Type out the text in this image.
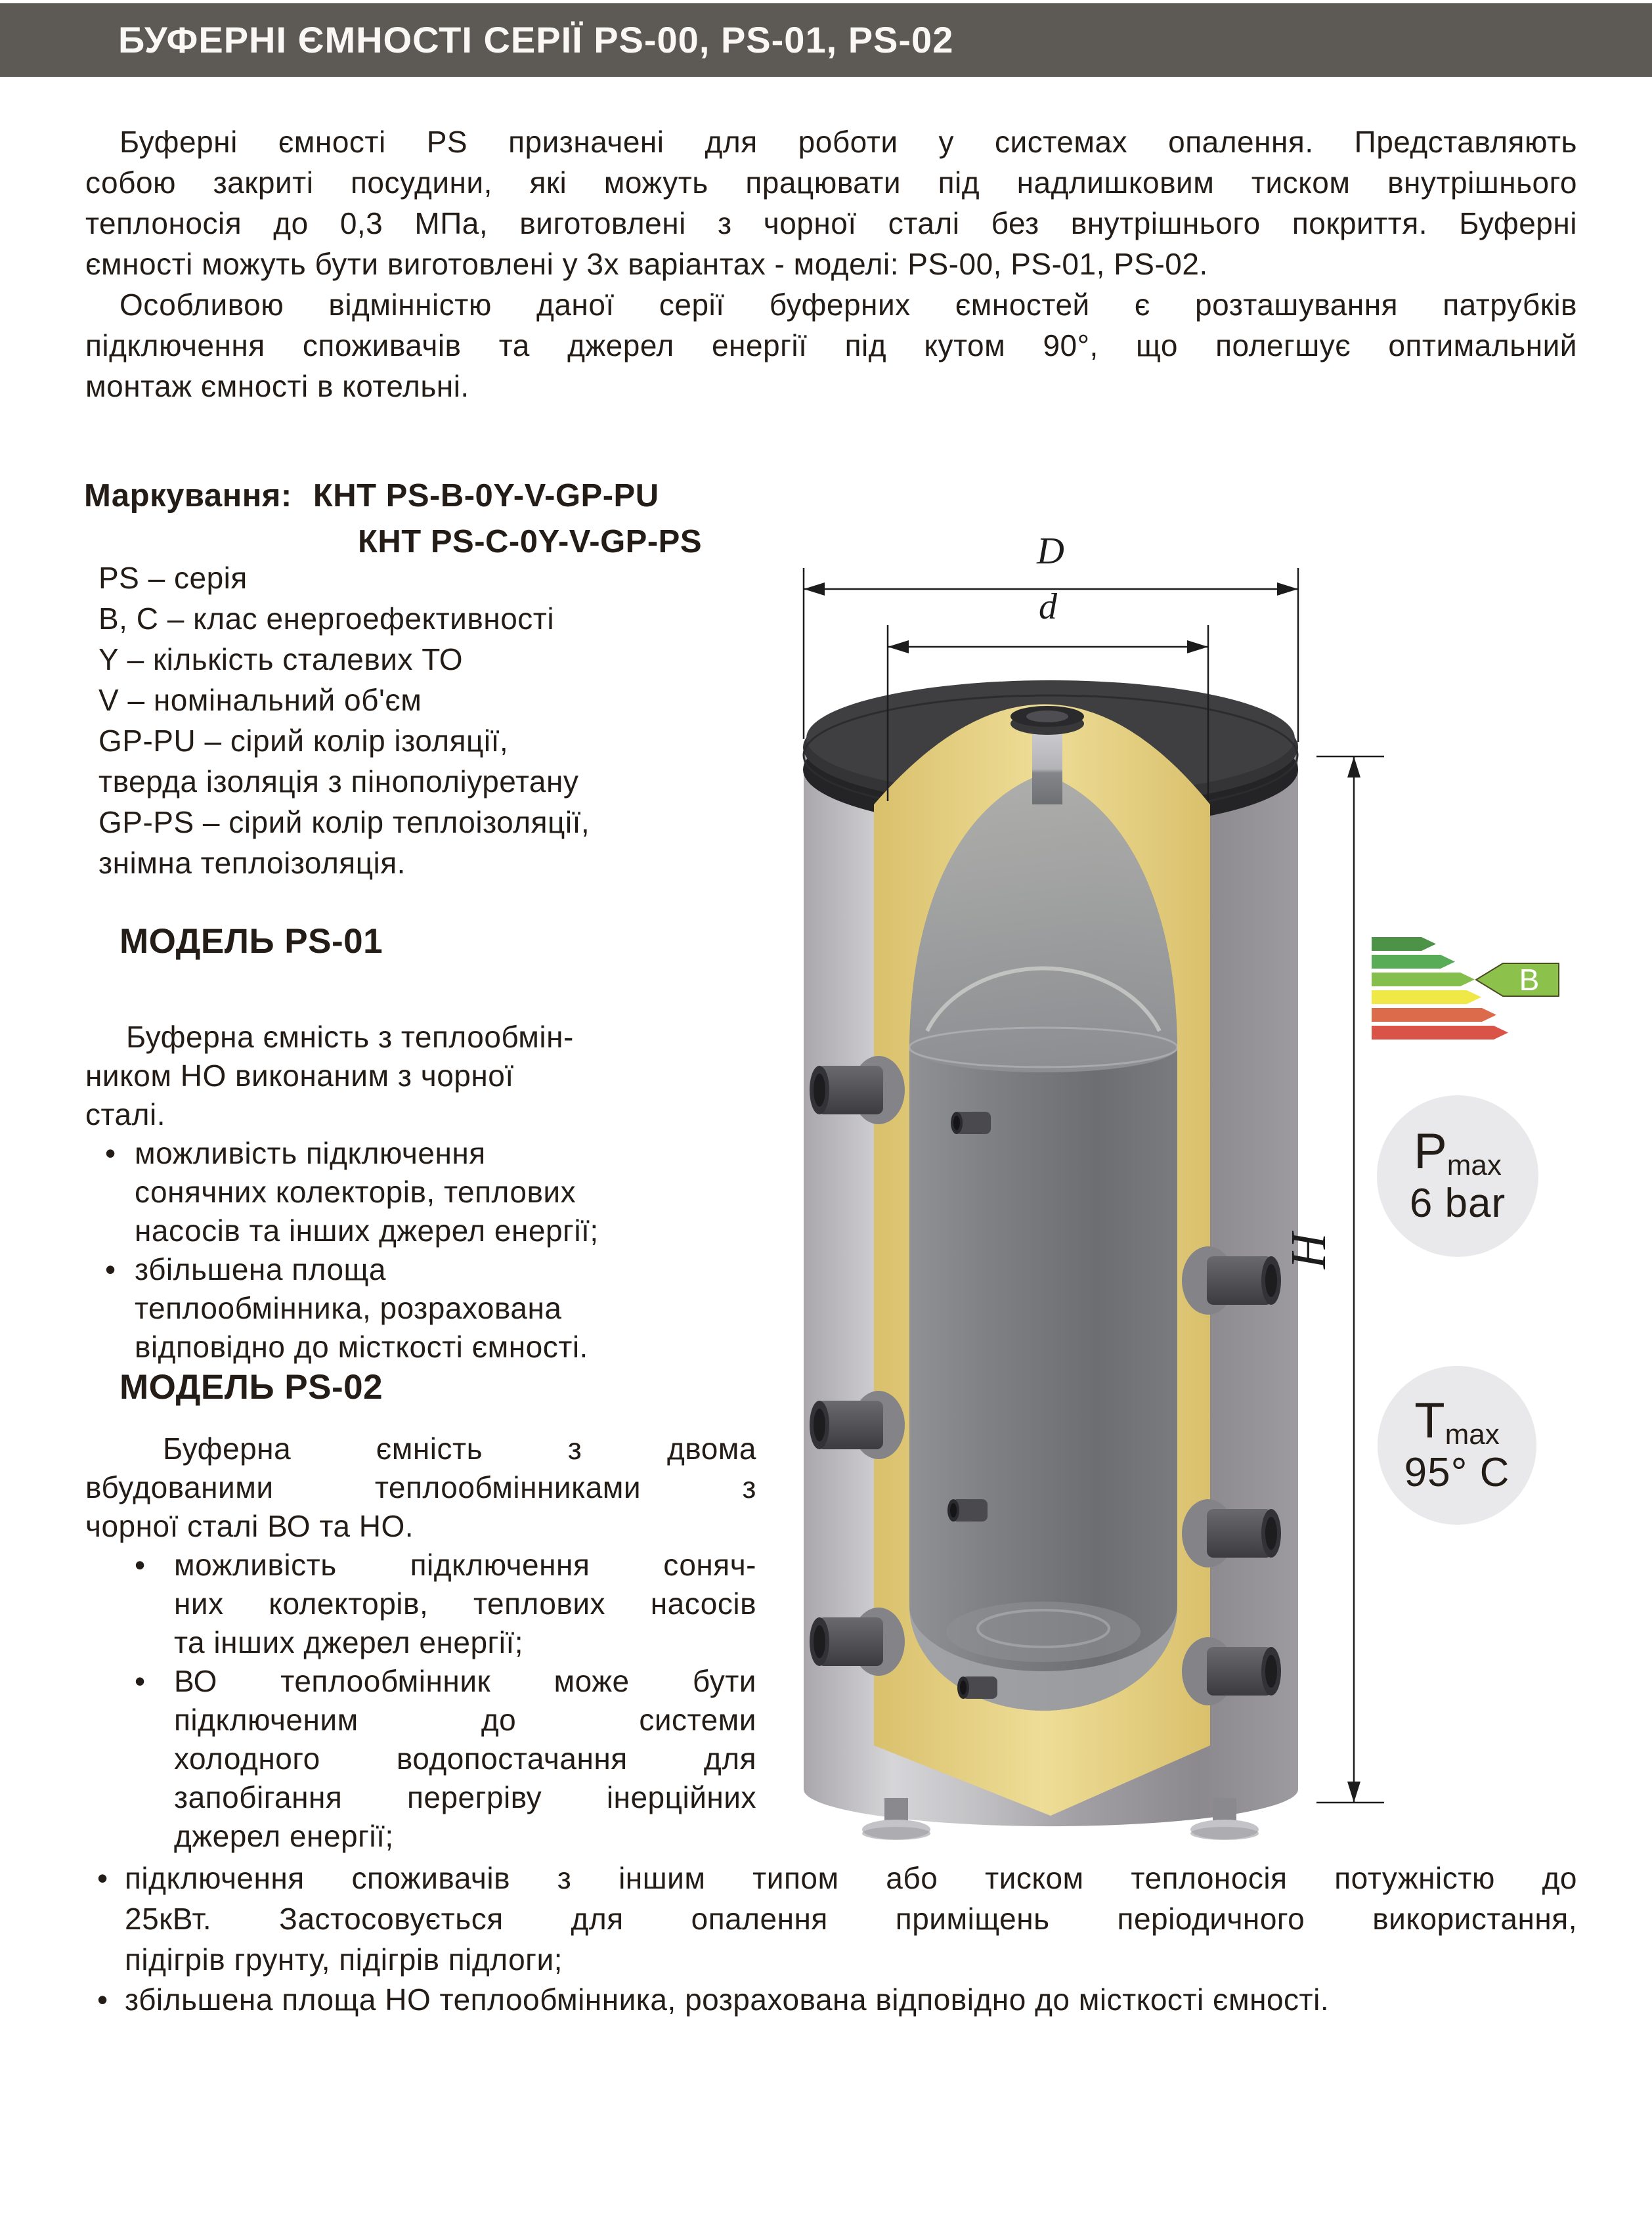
БУФЕРНІ ЄМНОСТІ СЕРІЇ PS-00, PS-01, PS-02
Буферні ємності PS призначені для роботи у системах опалення. Представляють
собою закриті посудини, які можуть працювати під надлишковим тиском внутрішнього
теплоносія до 0,3 МПа, виготовлені з чорної сталі без внутрішнього покриття. Буферні
ємності можуть бути виготовлені у 3х варіантах - моделі: PS-00, PS-01, PS-02.
Особливою відмінністю даної серії буферних ємностей є розташування патрубків
підключення споживачів та джерел енергії під кутом 90°, що полегшує оптимальний
монтаж ємності в котельні.
Маркування: КНТ PS-B-0Y-V-GP-PU
КНТ PS-C-0Y-V-GP-PS
PS – серія
B, C – клас енергоефективності
Y – кількість сталевих ТО
V – номінальний об'єм
GP-PU – сірий колір ізоляції,
тверда ізоляція з пінополіуретану
GP-PS – сірий колір теплоізоляції,
знімна теплоізоляція.
МОДЕЛЬ PS-01
Буферна ємність з теплообмін-
ником НО виконаним з чорної
сталі.
• можливість підключення
сонячних колекторів, теплових
насосів та інших джерел енергії;
• збільшена площа
теплообмінника, розрахована
відповідно до місткості ємності.
МОДЕЛЬ PS-02
Буферна ємність з двома
вбудованими теплообмінниками з
чорної сталі ВО та НО.
• можливість підключення соняч-
них колекторів, теплових насосів
та інших джерел енергії;
• ВО теплообмінник може бути
підключеним до системи
холодного водопостачання для
запобігання перегріву інерційних
джерел енергії;
• підключення споживачів з іншим типом або тиском теплоносія потужністю до
25кВт. Застосовується для опалення приміщень періодичного використання,
підігрів грунту, підігрів підлоги;
• збільшена площа НО теплообмінника, розрахована відповідно до місткості ємності.
D
d
H
B
Pmax
6 bar
Tmax
95° C
